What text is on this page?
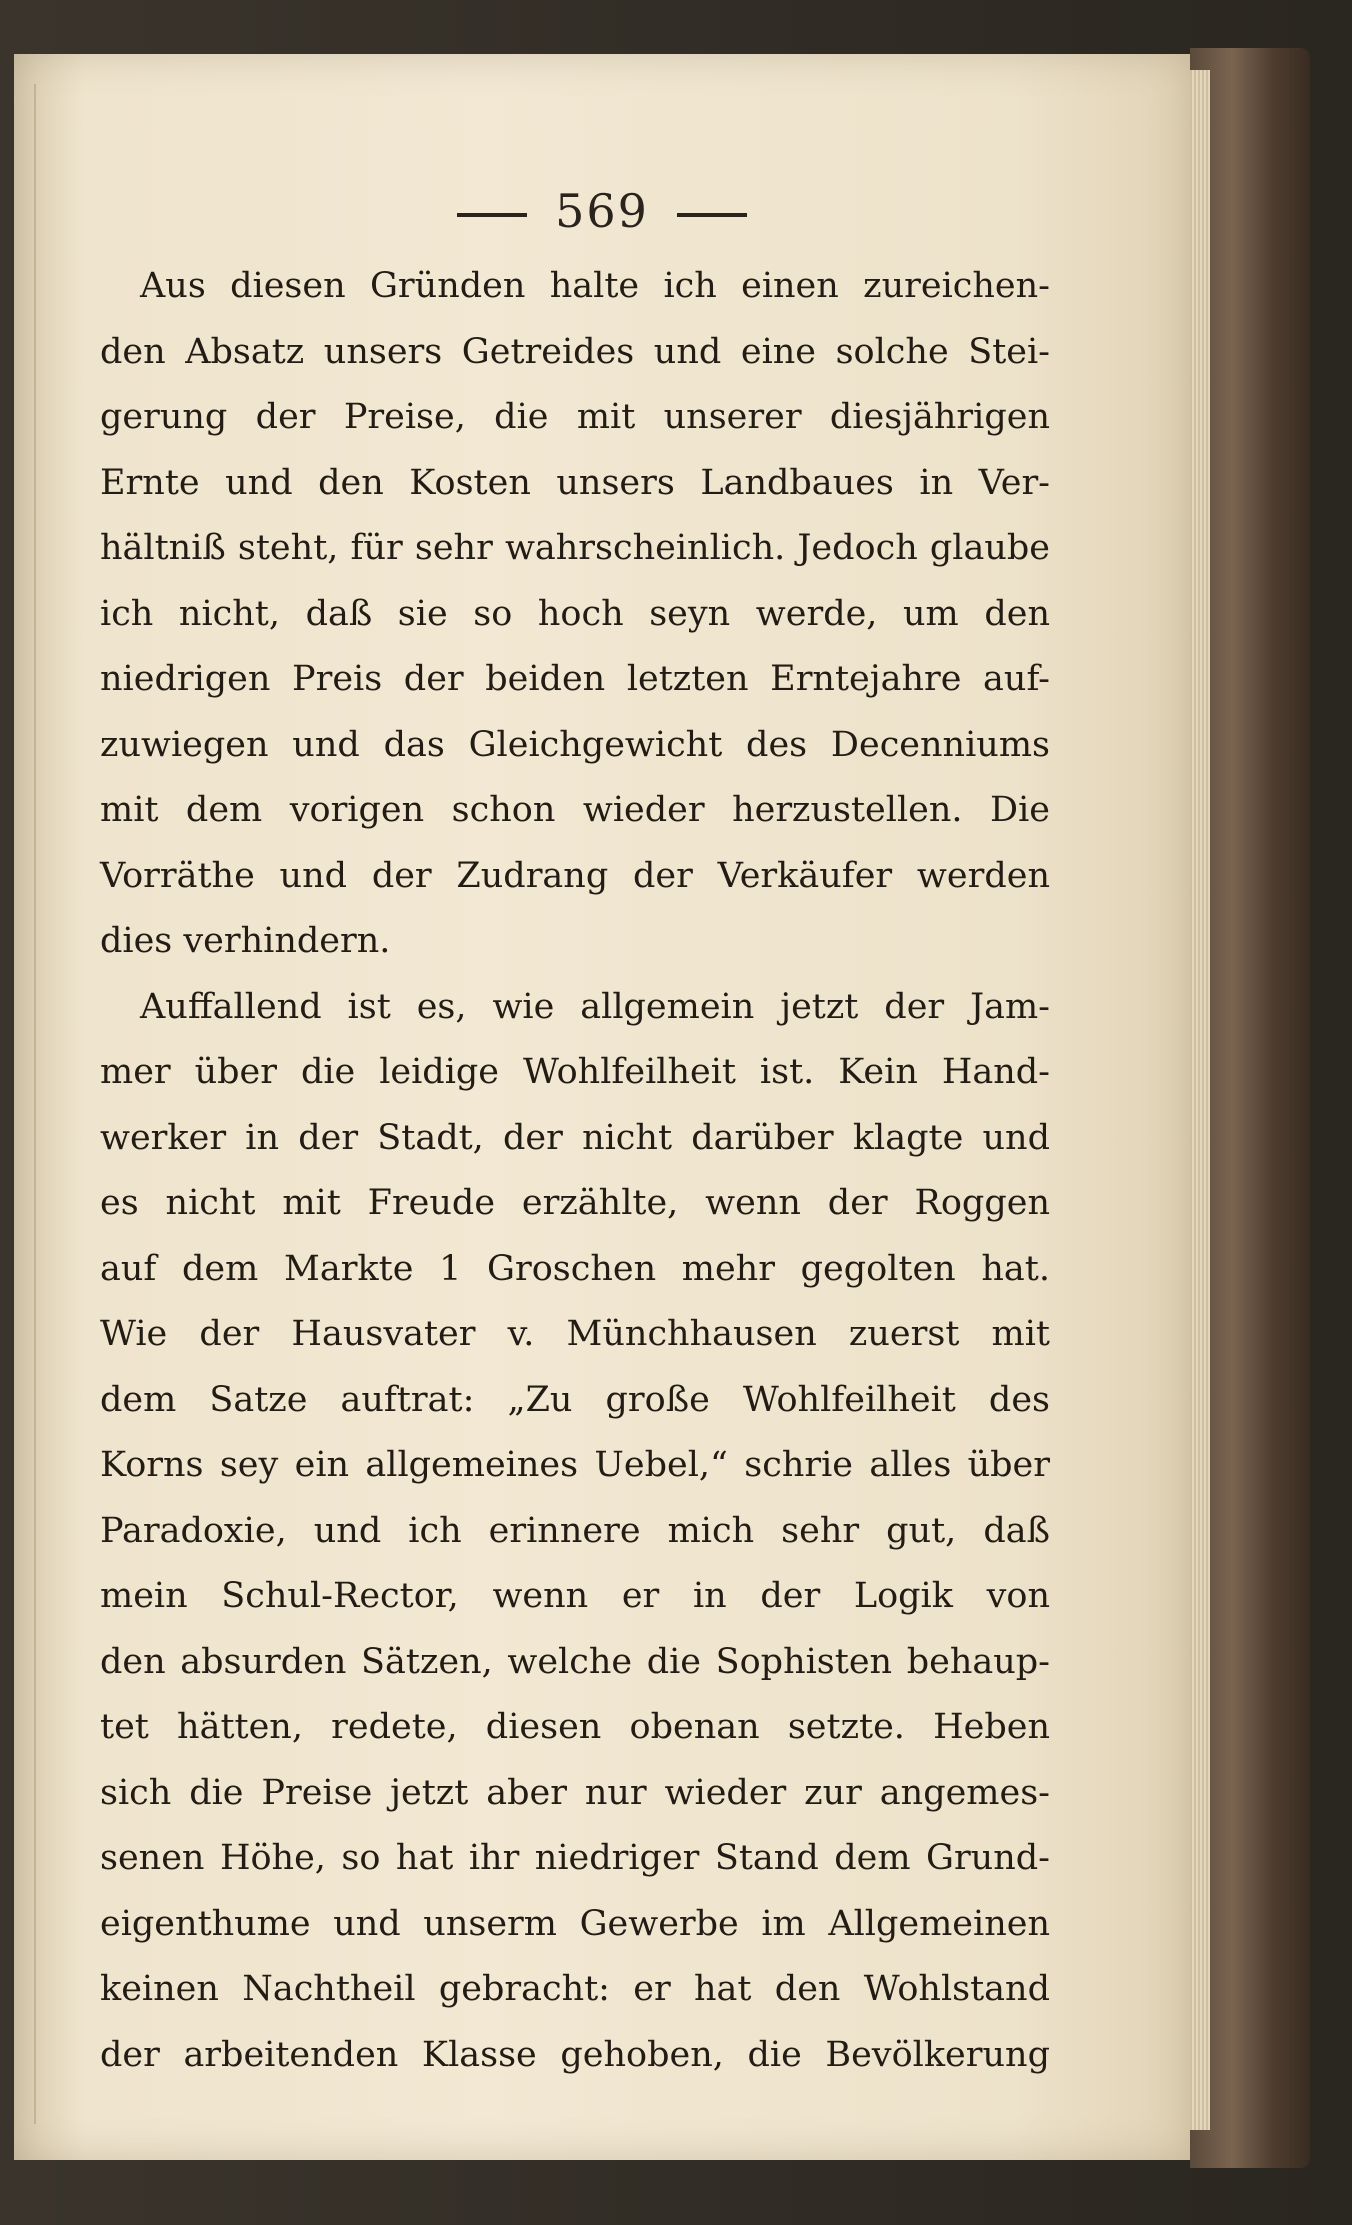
569
Aus diesen Gründen halte ich einen zureichen-
den Absatz unsers Getreides und eine solche Stei-
gerung der Preise, die mit unserer diesjährigen
Ernte und den Kosten unsers Landbaues in Ver-
hältniß steht, für sehr wahrscheinlich. Jedoch glaube
ich nicht, daß sie so hoch seyn werde, um den
niedrigen Preis der beiden letzten Erntejahre auf-
zuwiegen und das Gleichgewicht des Decenniums
mit dem vorigen schon wieder herzustellen. Die
Vorräthe und der Zudrang der Verkäufer werden
dies verhindern.
Auffallend ist es, wie allgemein jetzt der Jam-
mer über die leidige Wohlfeilheit ist. Kein Hand-
werker in der Stadt, der nicht darüber klagte und
es nicht mit Freude erzählte, wenn der Roggen
auf dem Markte 1 Groschen mehr gegolten hat.
Wie der Hausvater v. Münchhausen zuerst mit
dem Satze auftrat: „Zu große Wohlfeilheit des
Korns sey ein allgemeines Uebel,“ schrie alles über
Paradoxie, und ich erinnere mich sehr gut, daß
mein Schul-Rector, wenn er in der Logik von
den absurden Sätzen, welche die Sophisten behaup-
tet hätten, redete, diesen obenan setzte. Heben
sich die Preise jetzt aber nur wieder zur angemes-
senen Höhe, so hat ihr niedriger Stand dem Grund-
eigenthume und unserm Gewerbe im Allgemeinen
keinen Nachtheil gebracht: er hat den Wohlstand
der arbeitenden Klasse gehoben, die Bevölkerung
